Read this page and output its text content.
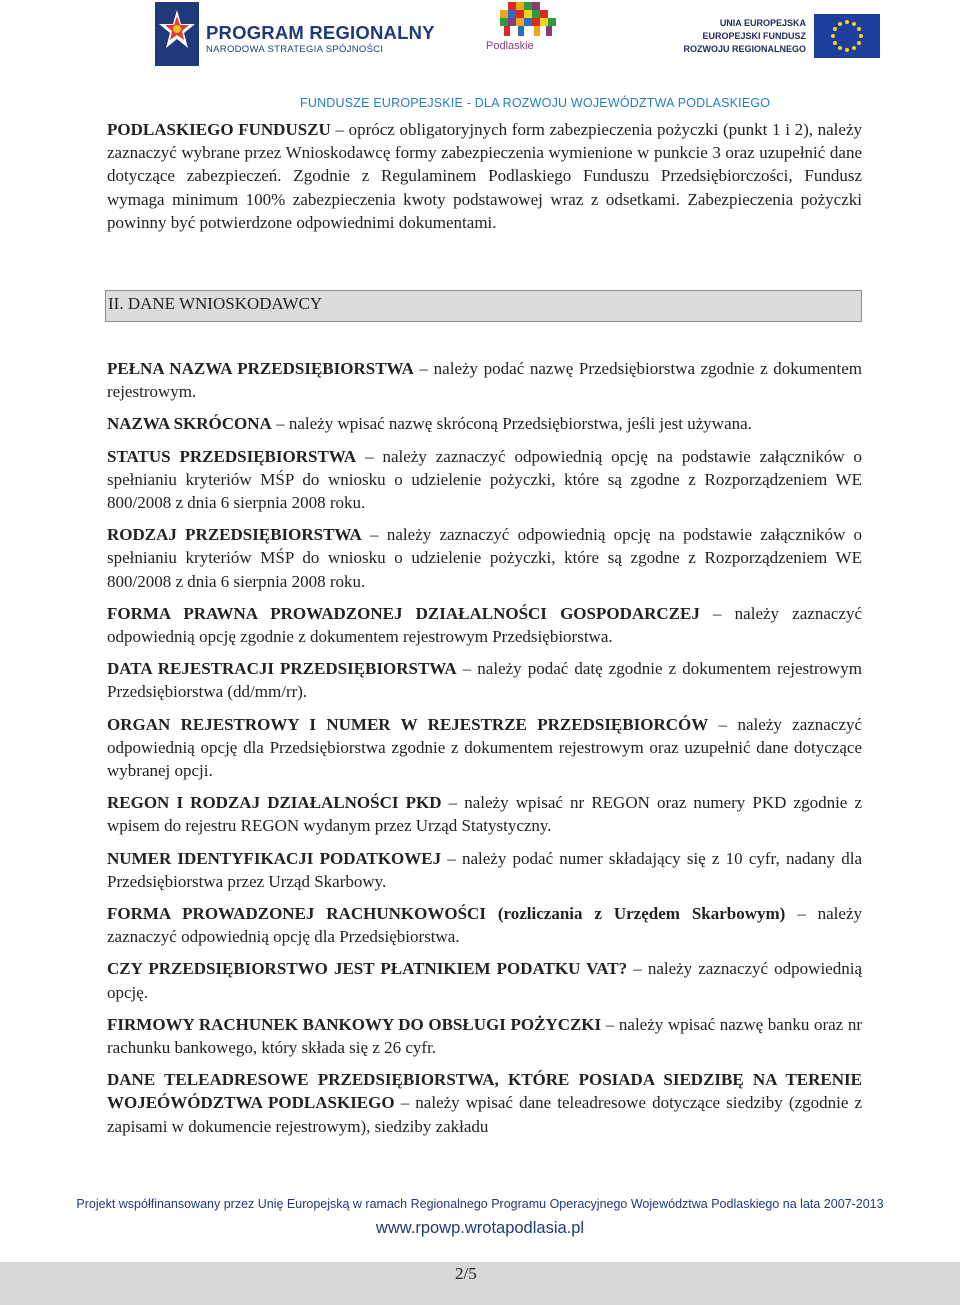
PROGRAM REGIONALNY
NARODOWA STRATEGIA SPÓJNOŚCI	Podlaskie
UNIA EUROPEJSKA
EUROPEJSKI FUNDUSZ
ROZWOJU REGIONALNEGO
FUNDUSZE EUROPEJSKIE - DLA ROZWOJU WOJEWÓDZTWA PODLASKIEGO

PODLASKIEGO FUNDUSZU – oprócz obligatoryjnych form zabezpieczenia pożyczki (punkt 1 i 2), należy zaznaczyć wybrane przez Wnioskodawcę formy zabezpieczenia wymienione w punkcie 3 oraz uzupełnić dane dotyczące zabezpieczeń. Zgodnie z Regulaminem Podlaskiego Funduszu Przedsiębiorczości, Fundusz wymaga minimum 100% zabezpieczenia kwoty podstawowej wraz z odsetkami. Zabezpieczenia pożyczki powinny być potwierdzone odpowiednimi dokumentami.

II. DANE WNIOSKODAWCY

PEŁNA NAZWA PRZEDSIĘBIORSTWA – należy podać nazwę Przedsiębiorstwa zgodnie z dokumentem rejestrowym.

NAZWA SKRÓCONA – należy wpisać nazwę skróconą Przedsiębiorstwa, jeśli jest używana.

STATUS PRZEDSIĘBIORSTWA – należy zaznaczyć odpowiednią opcję na podstawie załączników o spełnianiu kryteriów MŚP do wniosku o udzielenie pożyczki, które są zgodne z Rozporządzeniem WE 800/2008 z dnia 6 sierpnia 2008 roku.

RODZAJ PRZEDSIĘBIORSTWA – należy zaznaczyć odpowiednią opcję na podstawie załączników o spełnianiu kryteriów MŚP do wniosku o udzielenie pożyczki, które są zgodne z Rozporządzeniem WE 800/2008 z dnia 6 sierpnia 2008 roku.

FORMA PRAWNA PROWADZONEJ DZIAŁALNOŚCI GOSPODARCZEJ – należy zaznaczyć odpowiednią opcję zgodnie z dokumentem rejestrowym Przedsiębiorstwa.

DATA REJESTRACJI PRZEDSIĘBIORSTWA – należy podać datę zgodnie z dokumentem rejestrowym Przedsiębiorstwa (dd/mm/rr).

ORGAN REJESTROWY I NUMER W REJESTRZE PRZEDSIĘBIORCÓW – należy zaznaczyć odpowiednią opcję dla Przedsiębiorstwa zgodnie z dokumentem rejestrowym oraz uzupełnić dane dotyczące wybranej opcji.

REGON I RODZAJ DZIAŁALNOŚCI PKD – należy wpisać nr REGON oraz numery PKD zgodnie z wpisem do rejestru REGON wydanym przez Urząd Statystyczny.

NUMER IDENTYFIKACJI PODATKOWEJ – należy podać numer składający się z 10 cyfr, nadany dla Przedsiębiorstwa przez Urząd Skarbowy.

FORMA PROWADZONEJ RACHUNKOWOŚCI (rozliczania z Urzędem Skarbowym) – należy zaznaczyć odpowiednią opcję dla Przedsiębiorstwa.

CZY PRZEDSIĘBIORSTWO JEST PŁATNIKIEM PODATKU VAT? – należy zaznaczyć odpowiednią opcję.

FIRMOWY RACHUNEK BANKOWY DO OBSŁUGI POŻYCZKI – należy wpisać nazwę banku oraz nr rachunku bankowego, który składa się z 26 cyfr.

DANE TELEADRESOWE PRZEDSIĘBIORSTWA, KTÓRE POSIADA SIEDZIBĘ NA TERENIE WOJEÓWÓDZTWA PODLASKIEGO – należy wpisać dane teleadresowe dotyczące siedziby (zgodnie z zapisami w dokumencie rejestrowym), siedziby zakładu

Projekt współfinansowany przez Unię Europejską w ramach Regionalnego Programu Operacyjnego Województwa Podlaskiego na lata 2007-2013
www.rpowp.wrotapodlasia.pl
2/5
